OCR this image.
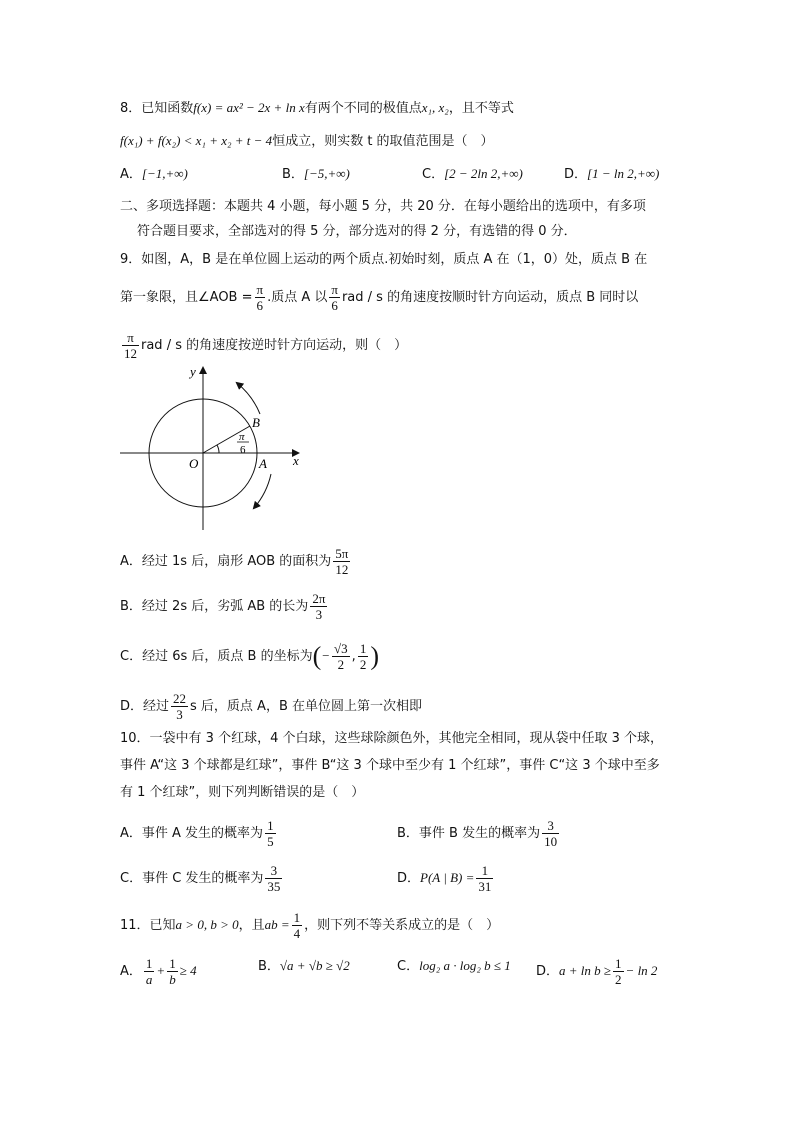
8．已知函数f(x) = ax² − 2x + ln x有两个不同的极值点x₁, x₂，且不等式
f(x₁) + f(x₂) < x₁ + x₂ + t − 4恒成立，则实数 t 的取值范围是（　）
A．[−1,+∞)	B．[−5,+∞)	C．[2 − 2ln 2,+∞)	D．[1 − ln 2,+∞)
二、多项选择题：本题共 4 小题，每小题 5 分，共 20 分．在每小题给出的选项中，有多项
符合题目要求，全部选对的得 5 分，部分选对的得 2 分，有选错的得 0 分．
9．如图，A，B 是在单位圆上运动的两个质点.初始时刻，质点 A 在（1，0）处，质点 B 在
第一象限，且∠AOB = $\frac{\pi}{6}$ .质点 A 以 $\frac{\pi}{6}$ rad / s 的角速度按顺时针方向运动，质点 B 同时以
$\frac{\pi}{12}$ rad / s 的角速度按逆时针方向运动，则（　）
y
x
O	A
B
π
6
A．经过 1s 后，扇形 AOB 的面积为 $\frac{5\pi}{12}$
B．经过 2s 后，劣弧 AB 的长为 $\frac{2\pi}{3}$
C．经过 6s 后，质点 B 的坐标为(− $\frac{√3}{2}$ , $\frac{1}{2}$ )
D．经过 $\frac{22}{3}$ s 后，质点 A，B 在单位圆上第一次相即
10．一袋中有 3 个红球，4 个白球，这些球除颜色外，其他完全相同，现从袋中任取 3 个球，
事件 A“这 3 个球都是红球”，事件 B“这 3 个球中至少有 1 个红球”，事件 C“这 3 个球中至多
有 1 个红球”，则下列判断错误的是（　）
A．事件 A 发生的概率为 $\frac{1}{5}$	B．事件 B 发生的概率为 $\frac{3}{10}$
C．事件 C 发生的概率为 $\frac{3}{35}$	D．P(A | $B) = \frac{1}{31}$
11．已知a > 0, b > 0，且ab = $\frac{1}{4}$ ，则下列不等关系成立的是（　）
A． $\frac{1}{a} + \frac{1}{b} \ge 4$	B．√a + √b ≥ √2	C．log₂ a · log₂ b ≤ 1 D．$a + \ln b \ge \frac{1}{2} - \ln 2$
